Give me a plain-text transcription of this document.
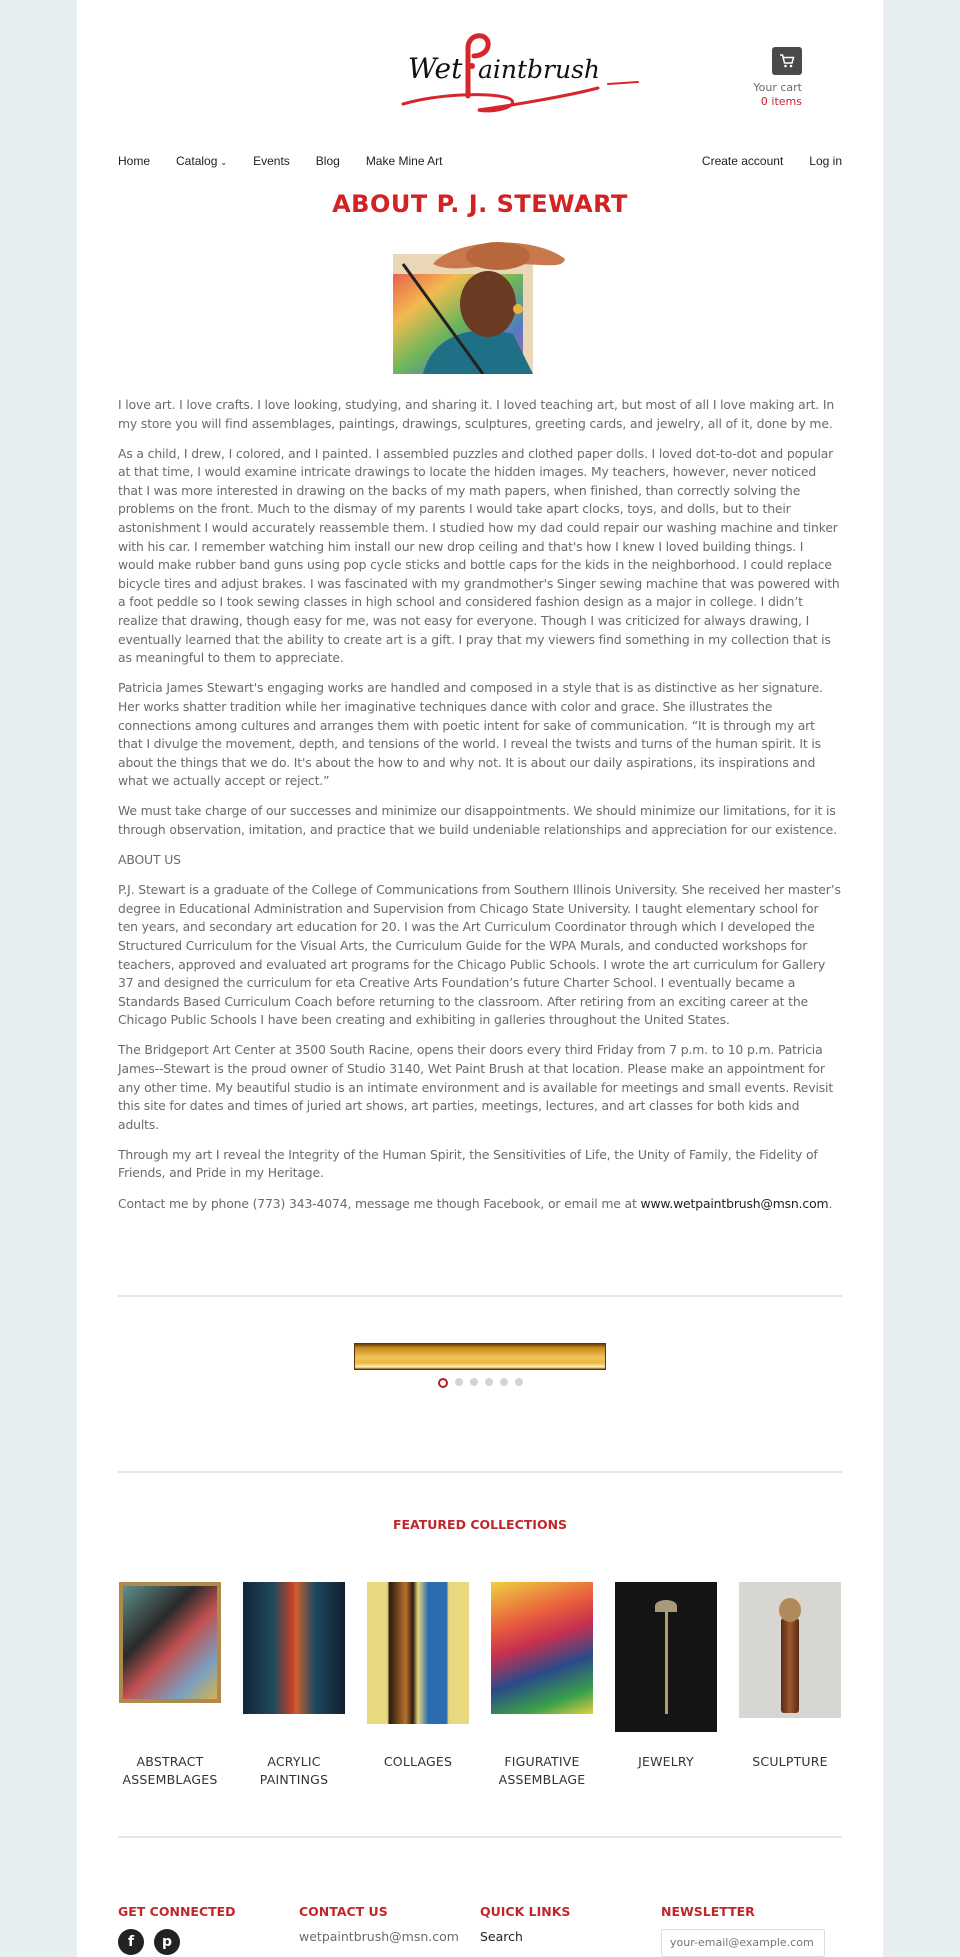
Wet aintbrush
Your cart
0 items
Home Catalog ⌄ Events Blog Make Mine Art	Create account Log in
ABOUT P. J. STEWART

I love art. I love crafts. I love looking, studying, and sharing it. I loved teaching art, but most of all I love making art. In my store you will find assemblages, paintings, drawings, sculptures, greeting cards, and jewelry, all of it, done by me.

As a child, I drew, I colored, and I painted. I assembled puzzles and clothed paper dolls. I loved dot-to-dot and popular at that time, I would examine intricate drawings to locate the hidden images. My teachers, however, never noticed that I was more interested in drawing on the backs of my math papers, when finished, than correctly solving the problems on the front. Much to the dismay of my parents I would take apart clocks, toys, and dolls, but to their astonishment I would accurately reassemble them. I studied how my dad could repair our washing machine and tinker with his car. I remember watching him install our new drop ceiling and that's how I knew I loved building things. I would make rubber band guns using pop cycle sticks and bottle caps for the kids in the neighborhood. I could replace bicycle tires and adjust brakes. I was fascinated with my grandmother's Singer sewing machine that was powered with a foot peddle so I took sewing classes in high school and considered fashion design as a major in college. I didn’t realize that drawing, though easy for me, was not easy for everyone. Though I was criticized for always drawing, I eventually learned that the ability to create art is a gift. I pray that my viewers find something in my collection that is as meaningful to them to appreciate.

Patricia James Stewart's engaging works are handled and composed in a style that is as distinctive as her signature. Her works shatter tradition while her imaginative techniques dance with color and grace. She illustrates the connections among cultures and arranges them with poetic intent for sake of communication. “It is through my art that I divulge the movement, depth, and tensions of the world. I reveal the twists and turns of the human spirit. It is about the things that we do. It's about the how to and why not. It is about our daily aspirations, its inspirations and what we actually accept or reject.”

We must take charge of our successes and minimize our disappointments. We should minimize our limitations, for it is through observation, imitation, and practice that we build undeniable relationships and appreciation for our existence.

ABOUT US

P.J. Stewart is a graduate of the College of Communications from Southern Illinois University. She received her master’s degree in Educational Administration and Supervision from Chicago State University. I taught elementary school for ten years, and secondary art education for 20. I was the Art Curriculum Coordinator through which I developed the Structured Curriculum for the Visual Arts, the Curriculum Guide for the WPA Murals, and conducted workshops for teachers, approved and evaluated art programs for the Chicago Public Schools. I wrote the art curriculum for Gallery 37 and designed the curriculum for eta Creative Arts Foundation’s future Charter School. I eventually became a Standards Based Curriculum Coach before returning to the classroom. After retiring from an exciting career at the Chicago Public Schools I have been creating and exhibiting in galleries throughout the United States.

The Bridgeport Art Center at 3500 South Racine, opens their doors every third Friday from 7 p.m. to 10 p.m. Patricia James--Stewart is the proud owner of Studio 3140, Wet Paint Brush at that location. Please make an appointment for any other time. My beautiful studio is an intimate environment and is available for meetings and small events. Revisit this site for dates and times of juried art shows, art parties, meetings, lectures, and art classes for both kids and adults.

Through my art I reveal the Integrity of the Human Spirit, the Sensitivities of Life, the Unity of Family, the Fidelity of Friends, and Pride in my Heritage.

Contact me by phone (773) 343-4074, message me though Facebook, or email me at www.wetpaintbrush@msn.com.

FEATURED COLLECTIONS
ABSTRACT ASSEMBLAGES
ACRYLIC PAINTINGS
COLLAGES	FIGURATIVE ASSEMBLAGE
JEWELRY	SCULPTURE
GET CONNECTED
f	p
CONTACT US
wetpaintbrush@msn.com
QUICK LINKS
Search
NEWSLETTER
your-email@example.com
